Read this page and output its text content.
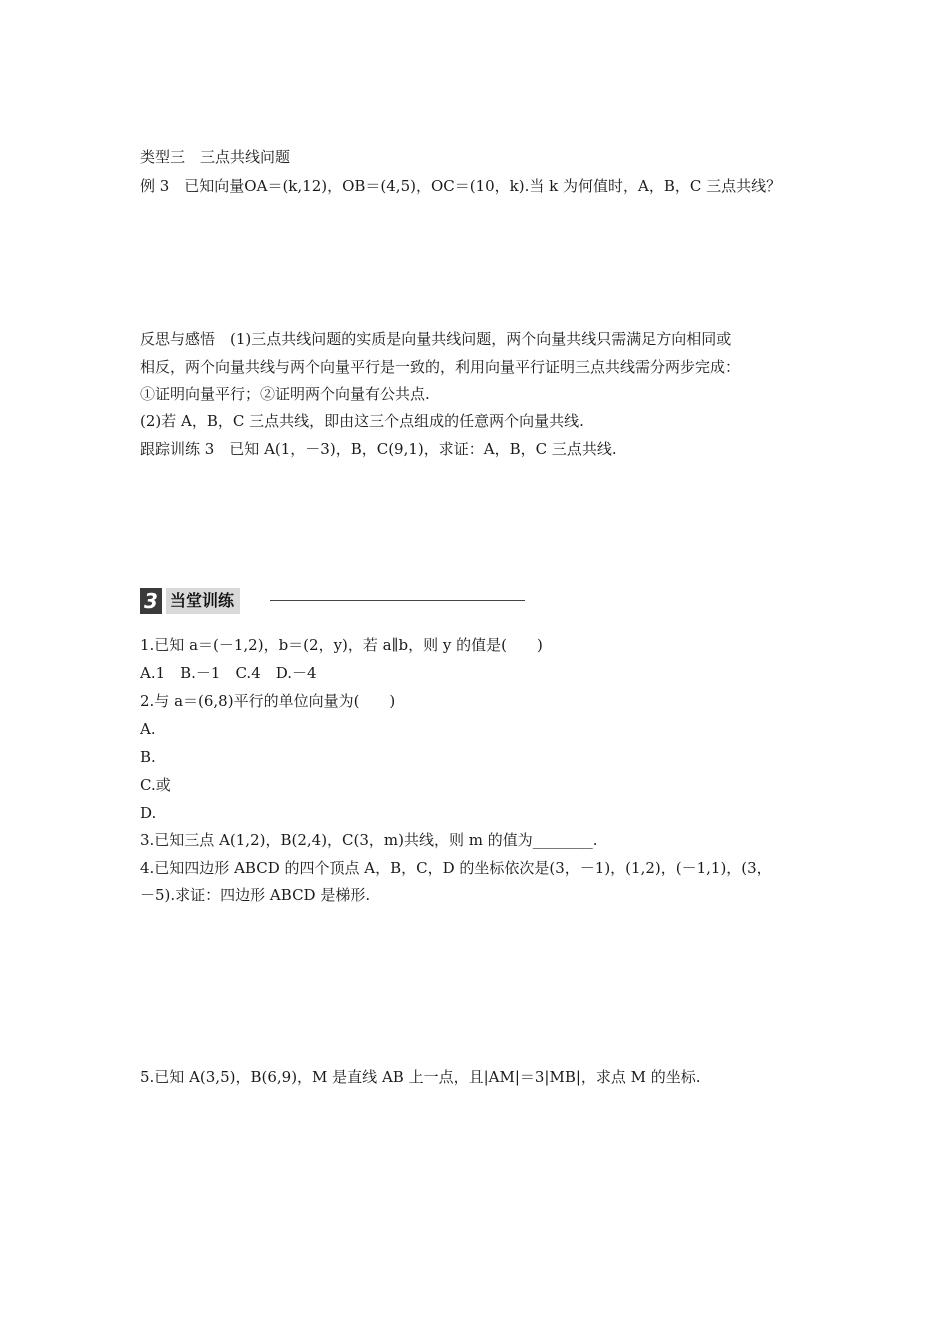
类型三　三点共线问题
例 3　已知向量OA＝(k,12)，OB＝(4,5)，OC＝(10，k).当 k 为何值时，A，B，C 三点共线？
反思与感悟　(1)三点共线问题的实质是向量共线问题，两个向量共线只需满足方向相同或
相反，两个向量共线与两个向量平行是一致的，利用向量平行证明三点共线需分两步完成：
①证明向量平行；②证明两个向量有公共点.
(2)若 A，B，C 三点共线，即由这三个点组成的任意两个向量共线.
跟踪训练 3　已知 A(1，－3)，B，C(9,1)，求证：A，B，C 三点共线.
3 当堂训练
1.已知 a＝(－1,2)，b＝(2，y)，若 a∥b，则 y 的值是(　　)
A.1　B.－1　C.4　D.－4
2.与 a＝(6,8)平行的单位向量为(　　)
A.
B.
C.或
D.
3.已知三点 A(1,2)，B(2,4)，C(3，m)共线，则 m 的值为________.
4.已知四边形 ABCD 的四个顶点 A，B，C，D 的坐标依次是(3，－1)，(1,2)，(－1,1)，(3，
－5).求证：四边形 ABCD 是梯形.
5.已知 A(3,5)，B(6,9)，M 是直线 AB 上一点，且|AM|＝3|MB|，求点 M 的坐标.
